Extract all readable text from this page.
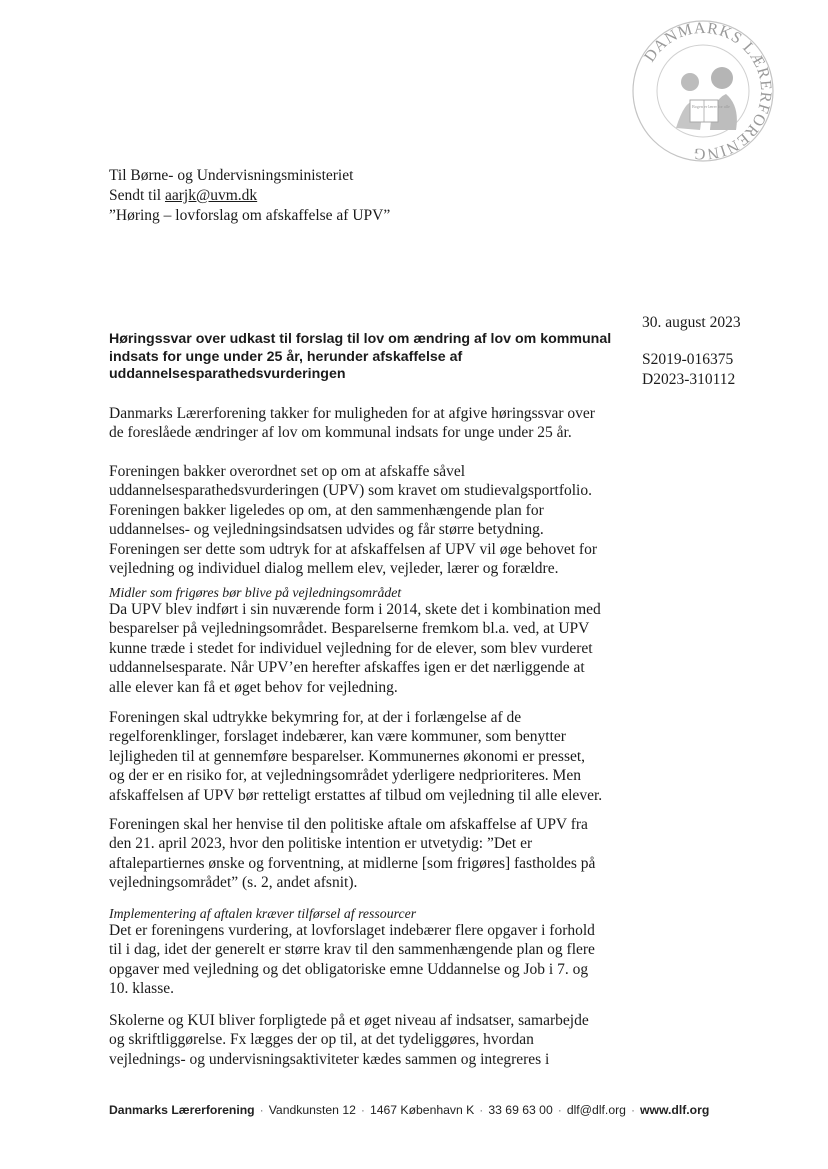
DANMARKS LÆRERFORENING
Bogen er lærer for alle
Til Børne- og Undervisningsministeriet
Sendt til aarjk@uvm.dk
”Høring – lovforslag om afskaffelse af UPV”
30. august 2023
S2019-016375
D2023-310112
Høringssvar over udkast til forslag til lov om ændring af lov om kommunal indsats for unge under 25 år, herunder afskaffelse af uddannelsesparathedsvurderingen
Danmarks Lærerforening takker for muligheden for at afgive høringssvar over
de foreslåede ændringer af lov om kommunal indsats for unge under 25 år.
Foreningen bakker overordnet set op om at afskaffe såvel
uddannelsesparathedsvurderingen (UPV) som kravet om studievalgsportfolio.
Foreningen bakker ligeledes op om, at den sammenhængende plan for
uddannelses- og vejledningsindsatsen udvides og får større betydning.
Foreningen ser dette som udtryk for at afskaffelsen af UPV vil øge behovet for
vejledning og individuel dialog mellem elev, vejleder, lærer og forældre.
Midler som frigøres bør blive på vejledningsområdet
Da UPV blev indført i sin nuværende form i 2014, skete det i kombination med
besparelser på vejledningsområdet. Besparelserne fremkom bl.a. ved, at UPV
kunne træde i stedet for individuel vejledning for de elever, som blev vurderet
uddannelsesparate. Når UPV’en herefter afskaffes igen er det nærliggende at
alle elever kan få et øget behov for vejledning.
Foreningen skal udtrykke bekymring for, at der i forlængelse af de
regelforenklinger, forslaget indebærer, kan være kommuner, som benytter
lejligheden til at gennemføre besparelser. Kommunernes økonomi er presset,
og der er en risiko for, at vejledningsområdet yderligere nedprioriteres. Men
afskaffelsen af UPV bør retteligt erstattes af tilbud om vejledning til alle elever.
Foreningen skal her henvise til den politiske aftale om afskaffelse af UPV fra
den 21. april 2023, hvor den politiske intention er utvetydig: ”Det er
aftalepartiernes ønske og forventning, at midlerne [som frigøres] fastholdes på
vejledningsområdet” (s. 2, andet afsnit).
Implementering af aftalen kræver tilførsel af ressourcer
Det er foreningens vurdering, at lovforslaget indebærer flere opgaver i forhold
til i dag, idet der generelt er større krav til den sammenhængende plan og flere
opgaver med vejledning og det obligatoriske emne Uddannelse og Job i 7. og
10. klasse.
Skolerne og KUI bliver forpligtede på et øget niveau af indsatser, samarbejde
og skriftliggørelse. Fx lægges der op til, at det tydeliggøres, hvordan
vejlednings- og undervisningsaktiviteter kædes sammen og integreres i
Danmarks Lærerforening · Vandkunsten 12 · 1467 København K · 33 69 63 00 · dlf@dlf.org · www.dlf.org
